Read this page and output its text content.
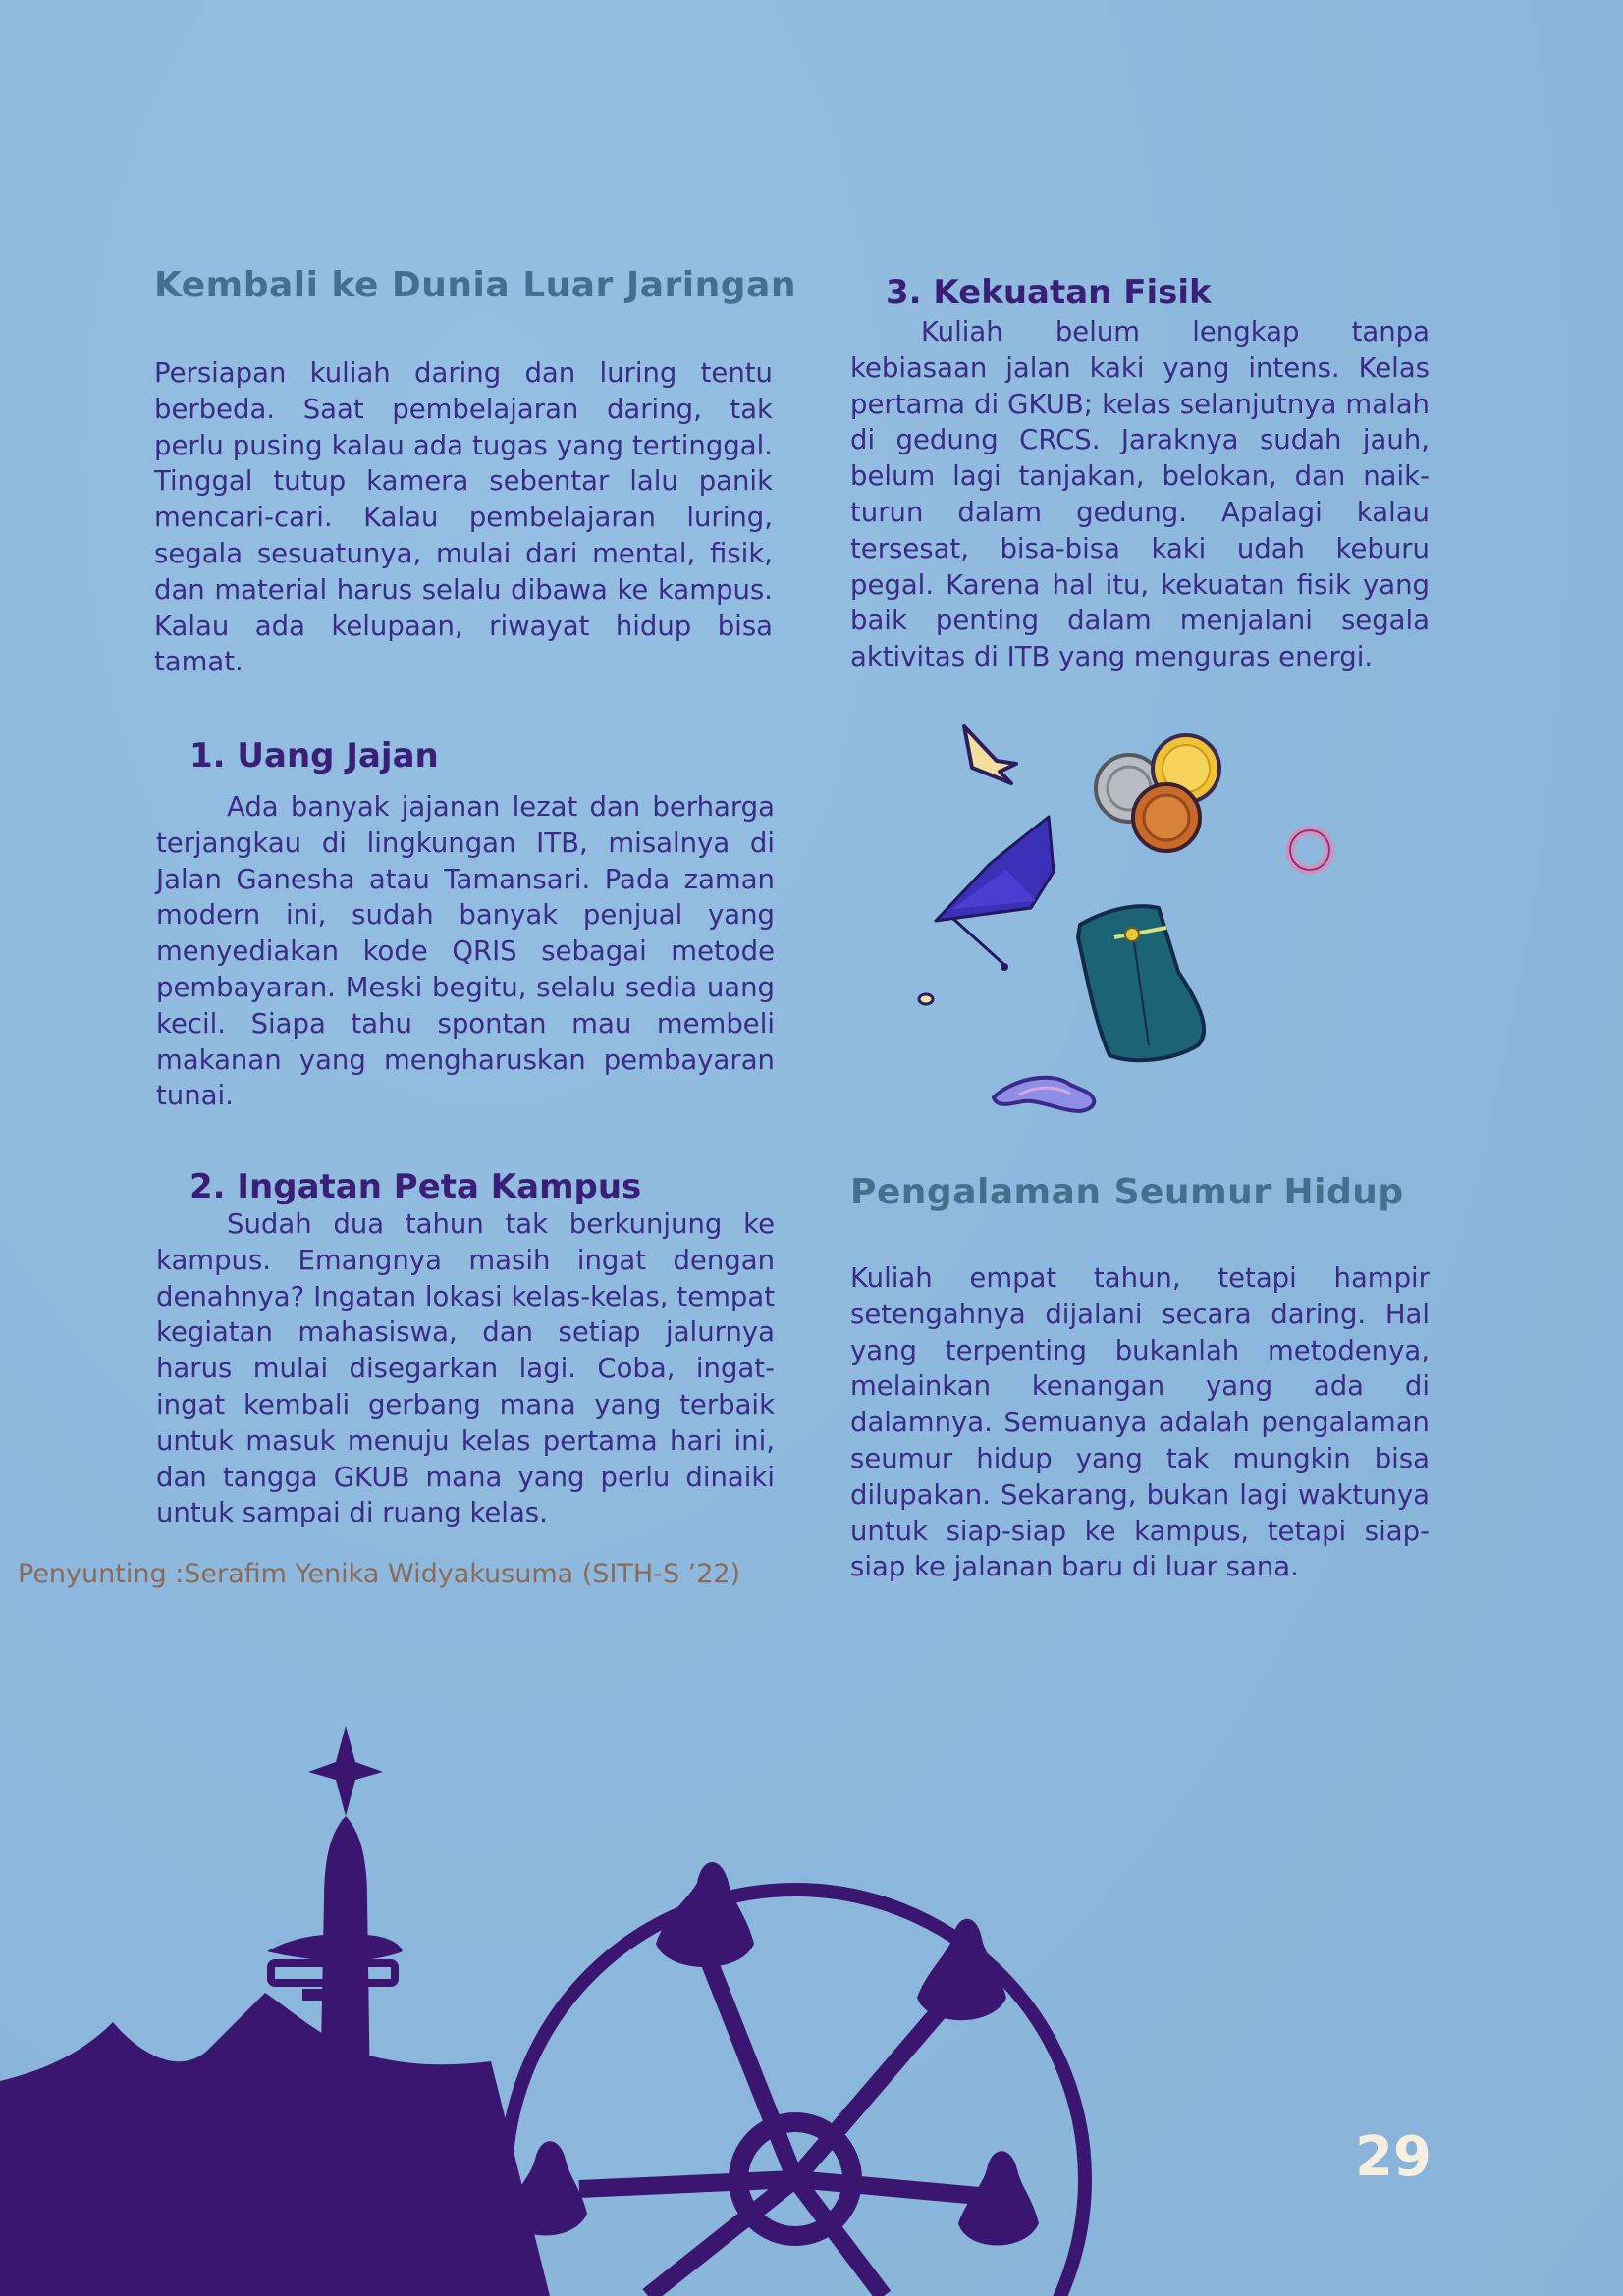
Kembali ke Dunia Luar Jaringan

Persiapan kuliah daring dan luring tentu berbeda. Saat pembelajaran daring, tak perlu pusing kalau ada tugas yang tertinggal. Tinggal tutup kamera sebentar lalu panik mencari-cari. Kalau pembelajaran luring, segala sesuatunya, mulai dari mental, fisik, dan material harus selalu dibawa ke kampus. Kalau ada kelupaan, riwayat hidup bisa tamat.

1. Uang Jajan

Ada banyak jajanan lezat dan berharga terjangkau di lingkungan ITB, misalnya di Jalan Ganesha atau Tamansari. Pada zaman modern ini, sudah banyak penjual yang menyediakan kode QRIS sebagai metode pembayaran. Meski begitu, selalu sedia uang kecil. Siapa tahu spontan mau membeli makanan yang mengharuskan pembayaran tunai.

2. Ingatan Peta Kampus

Sudah dua tahun tak berkunjung ke kampus. Emangnya masih ingat dengan denahnya? Ingatan lokasi kelas-kelas, tempat kegiatan mahasiswa, dan setiap jalurnya harus mulai disegarkan lagi. Coba, ingat-ingat kembali gerbang mana yang terbaik untuk masuk menuju kelas pertama hari ini, dan tangga GKUB mana yang perlu dinaiki untuk sampai di ruang kelas.

Penyunting :Serafim Yenika Widyakusuma (SITH-S ’22)

3. Kekuatan Fisik

Kuliah belum lengkap tanpa kebiasaan jalan kaki yang intens. Kelas pertama di GKUB; kelas selanjutnya malah di gedung CRCS. Jaraknya sudah jauh, belum lagi tanjakan, belokan, dan naik-turun dalam gedung. Apalagi kalau tersesat, bisa-bisa kaki udah keburu pegal. Karena hal itu, kekuatan fisik yang baik penting dalam menjalani segala aktivitas di ITB yang menguras energi.

Pengalaman Seumur Hidup

Kuliah empat tahun, tetapi hampir setengahnya dijalani secara daring. Hal yang terpenting bukanlah metodenya, melainkan kenangan yang ada di dalamnya. Semuanya adalah pengalaman seumur hidup yang tak mungkin bisa dilupakan. Sekarang, bukan lagi waktunya untuk siap-siap ke kampus, tetapi siap-siap ke jalanan baru di luar sana.

29
